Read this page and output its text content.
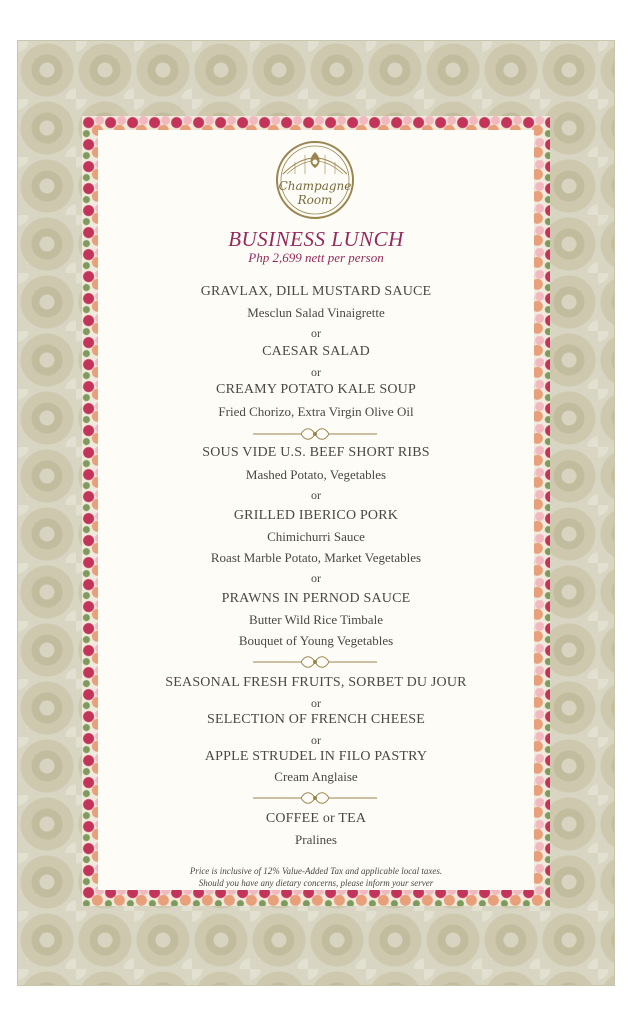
Champagne
Room
BUSINESS LUNCH
Php 2,699 nett per person
GRAVLAX, DILL MUSTARD SAUCE
Mesclun Salad Vinaigrette
or
CAESAR SALAD
or
CREAMY POTATO KALE SOUP
Fried Chorizo, Extra Virgin Olive Oil
SOUS VIDE U.S. BEEF SHORT RIBS
Mashed Potato, Vegetables
or
GRILLED IBERICO PORK
Chimichurri Sauce
Roast Marble Potato, Market Vegetables
or
PRAWNS IN PERNOD SAUCE
Butter Wild Rice Timbale
Bouquet of Young Vegetables
SEASONAL FRESH FRUITS, SORBET DU JOUR
or
SELECTION OF FRENCH CHEESE
or
APPLE STRUDEL IN FILO PASTRY
Cream Anglaise
COFFEE or TEA
Pralines
Price is inclusive of 12% Value-Added Tax and applicable local taxes.
Should you have any dietary concerns, please inform your server
